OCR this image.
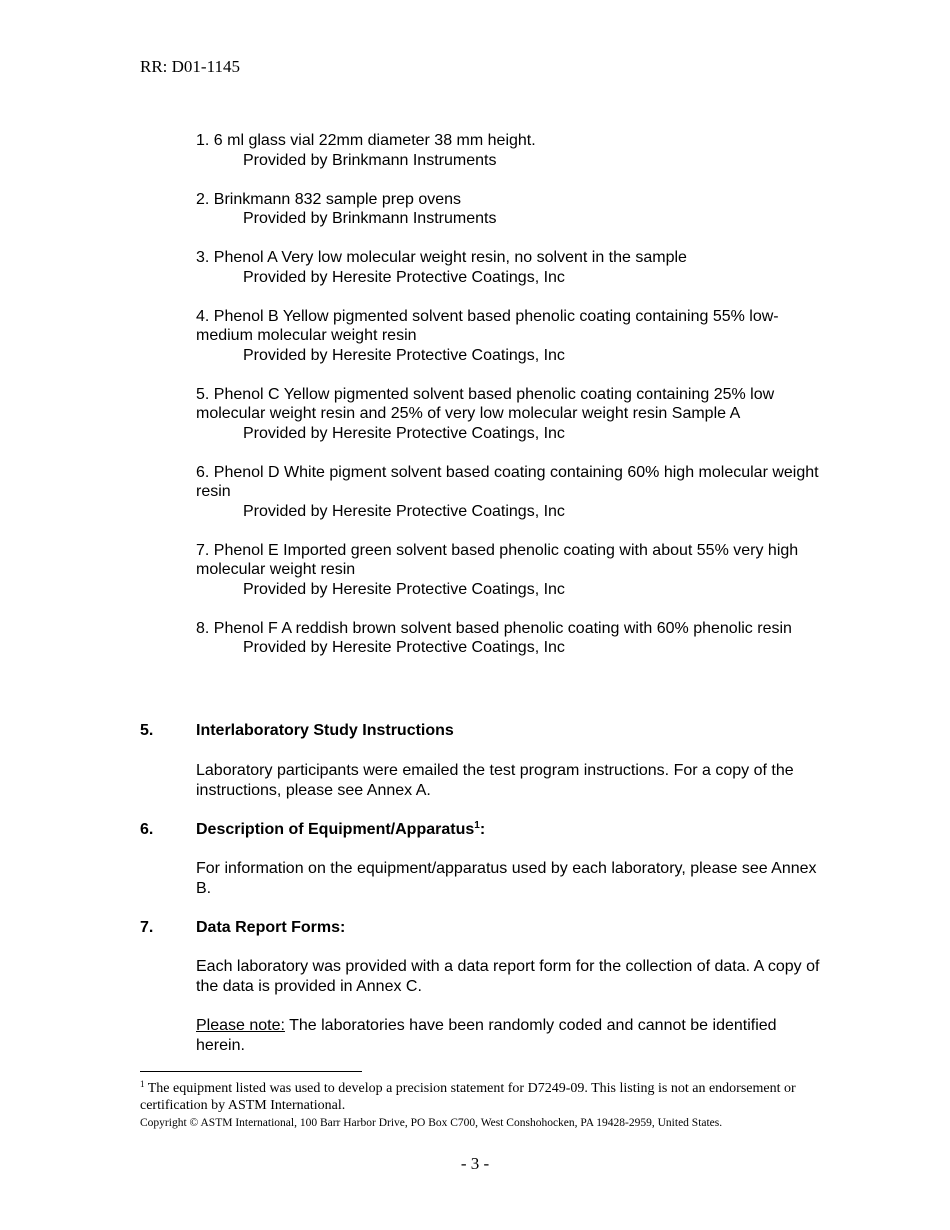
RR: D01-1145
1. 6 ml glass vial 22mm diameter 38 mm height.
Provided by Brinkmann Instruments
2. Brinkmann 832 sample prep ovens
Provided by Brinkmann Instruments
3. Phenol A Very low molecular weight resin, no solvent in the sample
Provided by Heresite Protective Coatings, Inc
4. Phenol B Yellow pigmented solvent based phenolic coating containing 55% low-medium molecular weight resin
Provided by Heresite Protective Coatings, Inc
5. Phenol C Yellow pigmented solvent based phenolic coating containing 25% low molecular weight resin and 25% of very low molecular weight resin Sample A
Provided by Heresite Protective Coatings, Inc
6. Phenol D White pigment solvent based coating containing 60% high molecular weight resin
Provided by Heresite Protective Coatings, Inc
7. Phenol E Imported green solvent based phenolic coating with about 55% very high molecular weight resin
Provided by Heresite Protective Coatings, Inc
8. Phenol F A reddish brown solvent based phenolic coating with 60% phenolic resin
Provided by Heresite Protective Coatings, Inc
5.	Interlaboratory Study Instructions
Laboratory participants were emailed the test program instructions. For a copy of the instructions, please see Annex A.
6.	Description of Equipment/Apparatus$^1$:
For information on the equipment/apparatus used by each laboratory, please see Annex B.
7.	Data Report Forms:
Each laboratory was provided with a data report form for the collection of data. A copy of the data is provided in Annex C.
Please note: The laboratories have been randomly coded and cannot be identified herein.
$^1$ The equipment listed was used to develop a precision statement for D7249-09. This listing is not an endorsement or certification by ASTM International.
Copyright © ASTM International, 100 Barr Harbor Drive, PO Box C700, West Conshohocken, PA 19428-2959, United States.
- 3 -
